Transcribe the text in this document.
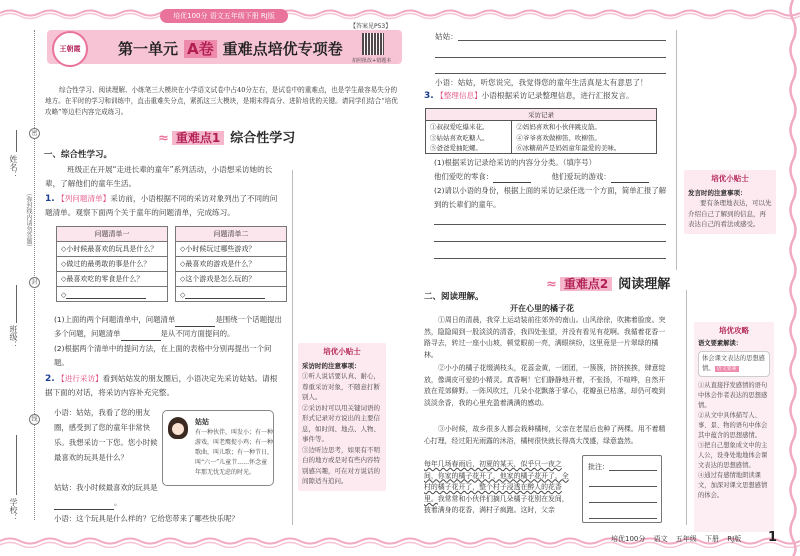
培优100分 语文五年级下册 RJ版
姓名：
（弥封线内请勿答题）
班级：
学校：
密
封
线
王朝霞	第一单元 A卷 重难点培优专项卷
【答案见P53】
拍照批改+错题本
综合性学习、阅读理解、小练笔三大模块在小学语文试卷中占40分左右，是试卷中的重难点，也是学生最容易失分的地方。在平时的学习和训练中，直击重难失分点，紧抓这三大模块，是期末得高分、进阶培优的关键。请同学们结合“培优攻略”等边栏内容完成练习。
≈ 重难点1 综合性学习
一、综合性学习。
班级正在开展“走进长辈的童年”系列活动，小语想采访她的长辈，了解他们的童年生活。
1. 【列问题清单】采访前，小语根据不同的采访对象列出了不同的问题清单。观察下面两个关于童年的问题清单，完成练习。
问题清单一
◇小时候最喜欢的玩具是什么？
◇做过的最勇敢的事是什么？
◇最喜欢吃的零食是什么？
◇
问题清单二
◇小时候玩过哪些游戏？
◇最喜欢的游戏是什么？
◇这个游戏是怎么玩的？
◇
(1)上面的两个问题清单中，问题清单	是围绕一个话题提出多个问题，问题清单	是从不同方面提问的。
(2)根据两个清单中的提问方法，在上面的表格中分别再提出一个问题。
2. 【进行采访】看到姑姑发的朋友圈后，小语决定先采访姑姑。请根据下面的对话，将采访内容补充完整。
小语：姑姑，我看了您的朋友圈，感受到了您的童年非常快乐。我想采访一下您。您小时候最喜欢的玩具是什么？
姑姑：我小时候最喜欢的玩具是。
小语：这个玩具是什么样的？它给您带来了哪些快乐呢？
姑姑
有一种伙伴，叫发小；有一种游戏，叫老鹰捉小鸡；有一种歌曲，叫儿歌；有一种节日，叫“六一”儿童节……怀念童年那无忧无虑的时光。
培优小贴士
采访时的注意事项：
①听人说话要认真、耐心，尊重采访对象，不随意打断别人。
②采访时可以用关键词语的形式记录对方说出的主要信息，如时间、地点、人物、事件等。
③边听边思考，如果有不明白的地方或是对有些内容特别感兴趣，可在对方说话的间隙适当追问。
姑姑：
小语：姑姑，听您说完，我觉得您的童年生活真是太有意思了！
3. 【整理信息】小语根据采访记录整理信息，进行汇报发言。
采访记录	
①叔叔爱吃爆米花。	②妈妈喜欢和小伙伴跳皮筋。
③姑姑喜欢吃糖人。	④爷爷喜欢做柳笛、吹柳笛。
⑤爸爸爱抽陀螺。	⑥冰糖葫芦是妈妈童年最爱的美味。
(1)根据采访记录给采访的内容分分类。（填序号）
他们爱吃的零食：	他们爱玩的游戏：
(2)请以小语的身份，根据上面的采访记录任选一个方面，简单汇报了解到的长辈们的童年。
培优小贴士
发言时的注意事项：
要有条理地表达，可以先介绍自己了解到的信息，再表达自己的看法或感受。
≈ 重难点2 阅读理解
二、阅读理解。
开在心里的橘子花
①周日的清晨，我穿上运动装前往郊外的南山。山风徐徐，吹拂着脸庞。突然，隐隐闻到一股淡淡的清香，我四处张望，并没有看见有花啊。我循着花香一路寻去，转过一座小山坡，顿觉眼前一亮，满眼缤纷，这里竟是一片翠绿的橘林。
②小小的橘子花缀满枝头，花蕊金黄，一团团，一簇簇，挤挤挨挨，肆意绽放，像调皮可爱的小精灵。真香啊！它们静静地开着，不张扬，不喧哗，自然开放在荒郊僻野。一阵风吹过，几朵小花飘落于掌心，花瓣虽已枯落，却仍可嗅到淡淡余香，我的心里充盈着满满的感动。
③小时候，故乡很多人都会栽种橘树，父亲在老屋后也种了两棵。用不着精心打理，经过阳光雨露的沐浴，橘树很快就长得高大茂盛，绿意盎然。
每年几场春雨后，初夏的某天，似乎只一夜之间，你家的橘子花开了，他家的橘子花开了，全村的橘子花开了，整个村子浸透在醉人的花香里。我常常和小伙伴们摘几朵橘子花别在发间，披着满身的花香，满村子疯跑。这时，父亲
批注：
培优攻略
语文要素解读：
体会课文表达的思想感情。 语文要素
①从直接抒发感情的语句中体会作者表达的思想感情。
②从文中具体描写人、事、景、物的语句中体会其中蕴含的思想感情。
③把自己想象成文中的主人公，设身处地地体会课文表达的思想感情。
④通过有感情地朗读课文，加深对课文思想感情的体会。
培优100分 语文 五年级 下册 RJ版 1
